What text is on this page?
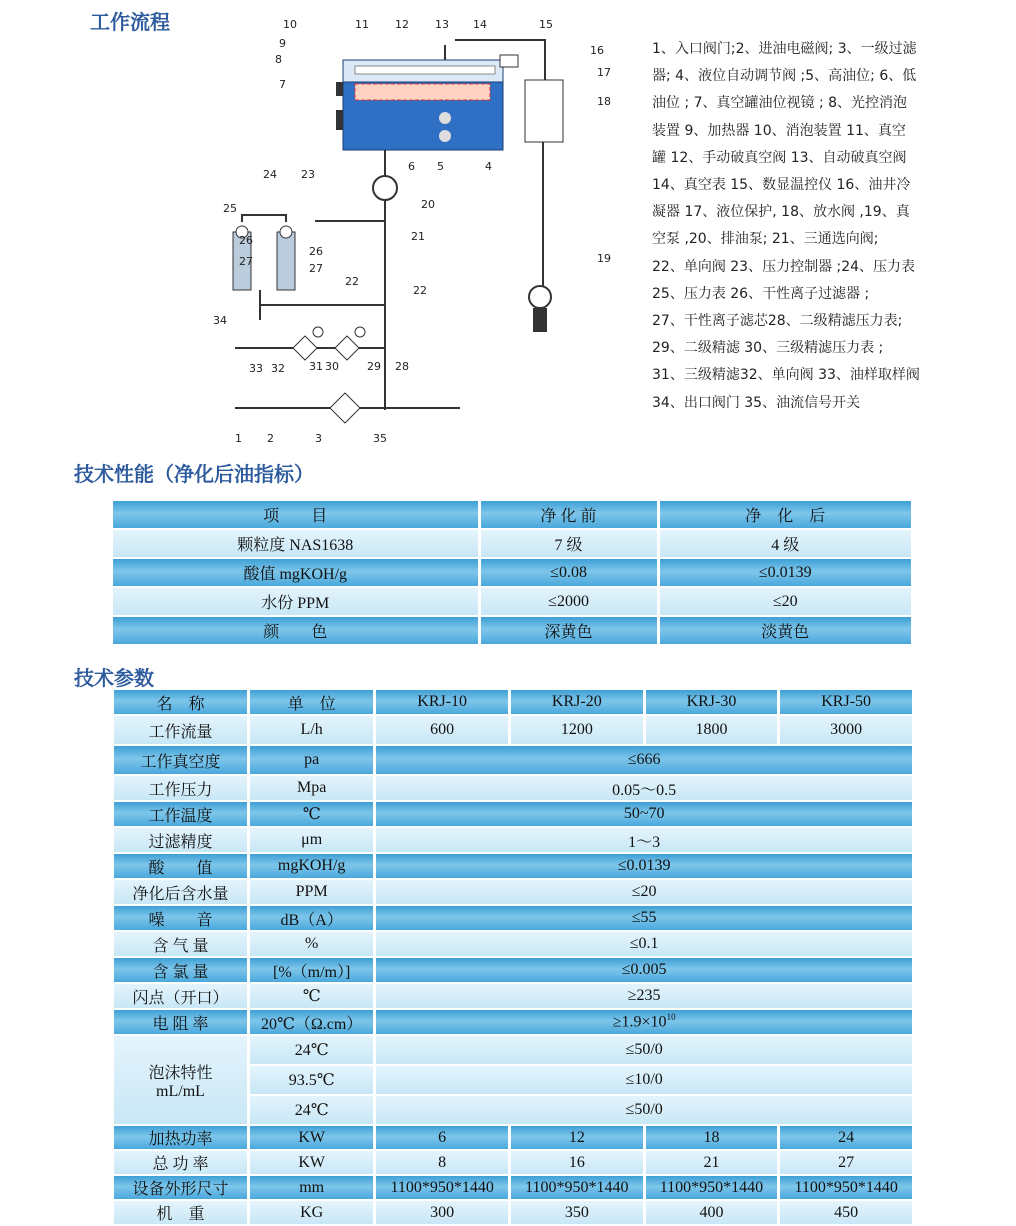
工作流程
1 2	3
4
5
6
7
8
9
10	11 12 13 14	15
16
17
18
19
20
21
22
22
23
24
25
26
26
27
27
28
29
30
31
32
33
34
35
1、入口阀门;2、进油电磁阀; 3、一级过滤
器; 4、液位自动调节阀 ;5、高油位; 6、低
油位 ; 7、真空罐油位视镜 ; 8、光控消泡
装置 9、加热器 10、消泡装置 11、真空
罐 12、手动破真空阀 13、自动破真空阀
14、真空表 15、数显温控仪 16、油井冷
凝器 17、液位保护, 18、放水阀 ,19、真
空泵 ,20、排油泵; 21、三通选向阀;
22、单向阀 23、压力控制器 ;24、压力表
25、压力表 26、干性离子过滤器 ;
27、干性离子滤芯28、二级精滤压力表;
29、二级精滤 30、三级精滤压力表 ;
31、三级精滤32、单向阀 33、油样取样阀
34、出口阀门 35、油流信号开关
技术性能（净化后油指标）
项　　目	净 化 前	净　化　后
颗粒度 NAS1638	7 级	4 级
酸值 mgKOH/g	≤0.08	≤0.0139
水份 PPM	≤2000	≤20
颜　　色	深黄色	淡黄色
技术参数
名　称	单　位	KRJ-10	KRJ-20	KRJ-30	KRJ-50
工作流量	L/h	600	1200	1800	3000
工作真空度	pa	≤666			
工作压力	Mpa	0.05～0.5			
工作温度	℃	50~70			
过滤精度	μm	1～3			
酸　　值	mgKOH/g	≤0.0139			
净化后含水量	PPM	≤20			
噪　　音	dB（A）	≤55			
含 气 量	%	≤0.1			
含 氯 量	[%（m/m）]	≤0.005			
闪点（开口）	℃	≥235			
电 阻 率	20℃（Ω.cm）	$\ge 1.9\times 10^{10}$
泡沫特性
mL/mL	24℃	≤50/0			
	93.5℃	≤10/0			
	24℃	≤50/0			
加热功率	KW	6	12	18	24
总 功 率	KW	8	16	21	27
设备外形尺寸	mm	1100*950*1440	1100*950*1440	1100*950*1440	1100*950*1440
机　重	KG	300	350	400	450
